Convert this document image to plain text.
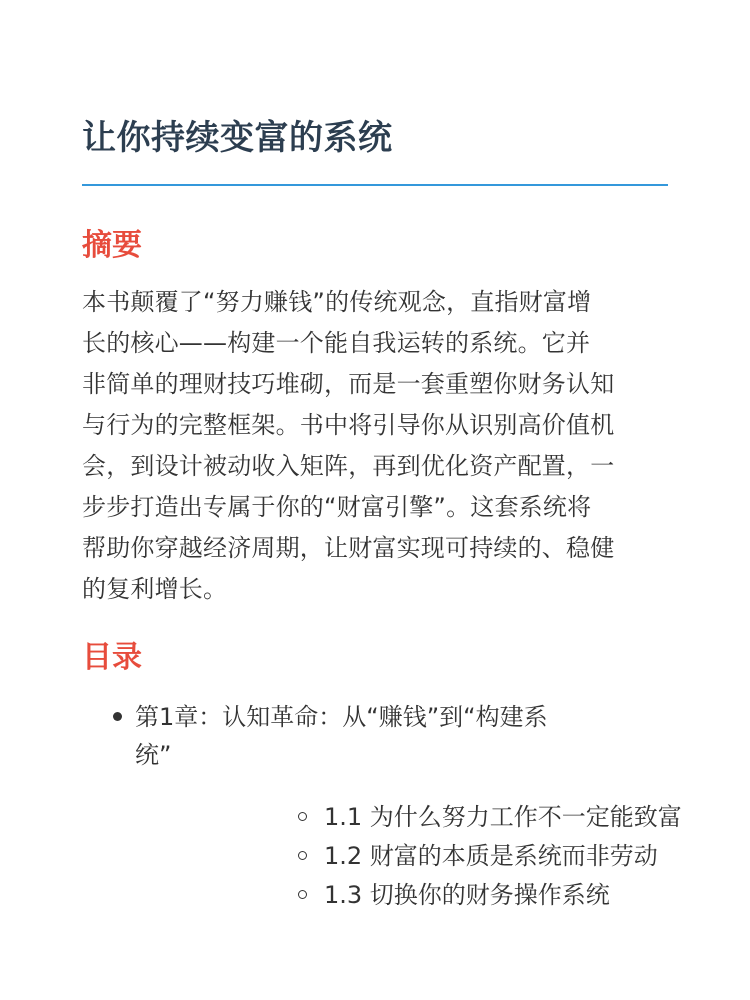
让你持续变富的系统
摘要

本书颠覆了“努力赚钱”的传统观念，直指财富增
长的核心——构建一个能自我运转的系统。它并
非简单的理财技巧堆砌，而是一套重塑你财务认知
与行为的完整框架。书中将引导你从识别高价值机
会，到设计被动收入矩阵，再到优化资产配置，一
步步打造出专属于你的“财富引擎”。这套系统将
帮助你穿越经济周期，让财富实现可持续的、稳健
的复利增长。

目录
第1章：认知革命：从“赚钱”到“构建系
统”
1.1 为什么努力工作不一定能致富
1.2 财富的本质是系统而非劳动
1.3 切换你的财务操作系统
